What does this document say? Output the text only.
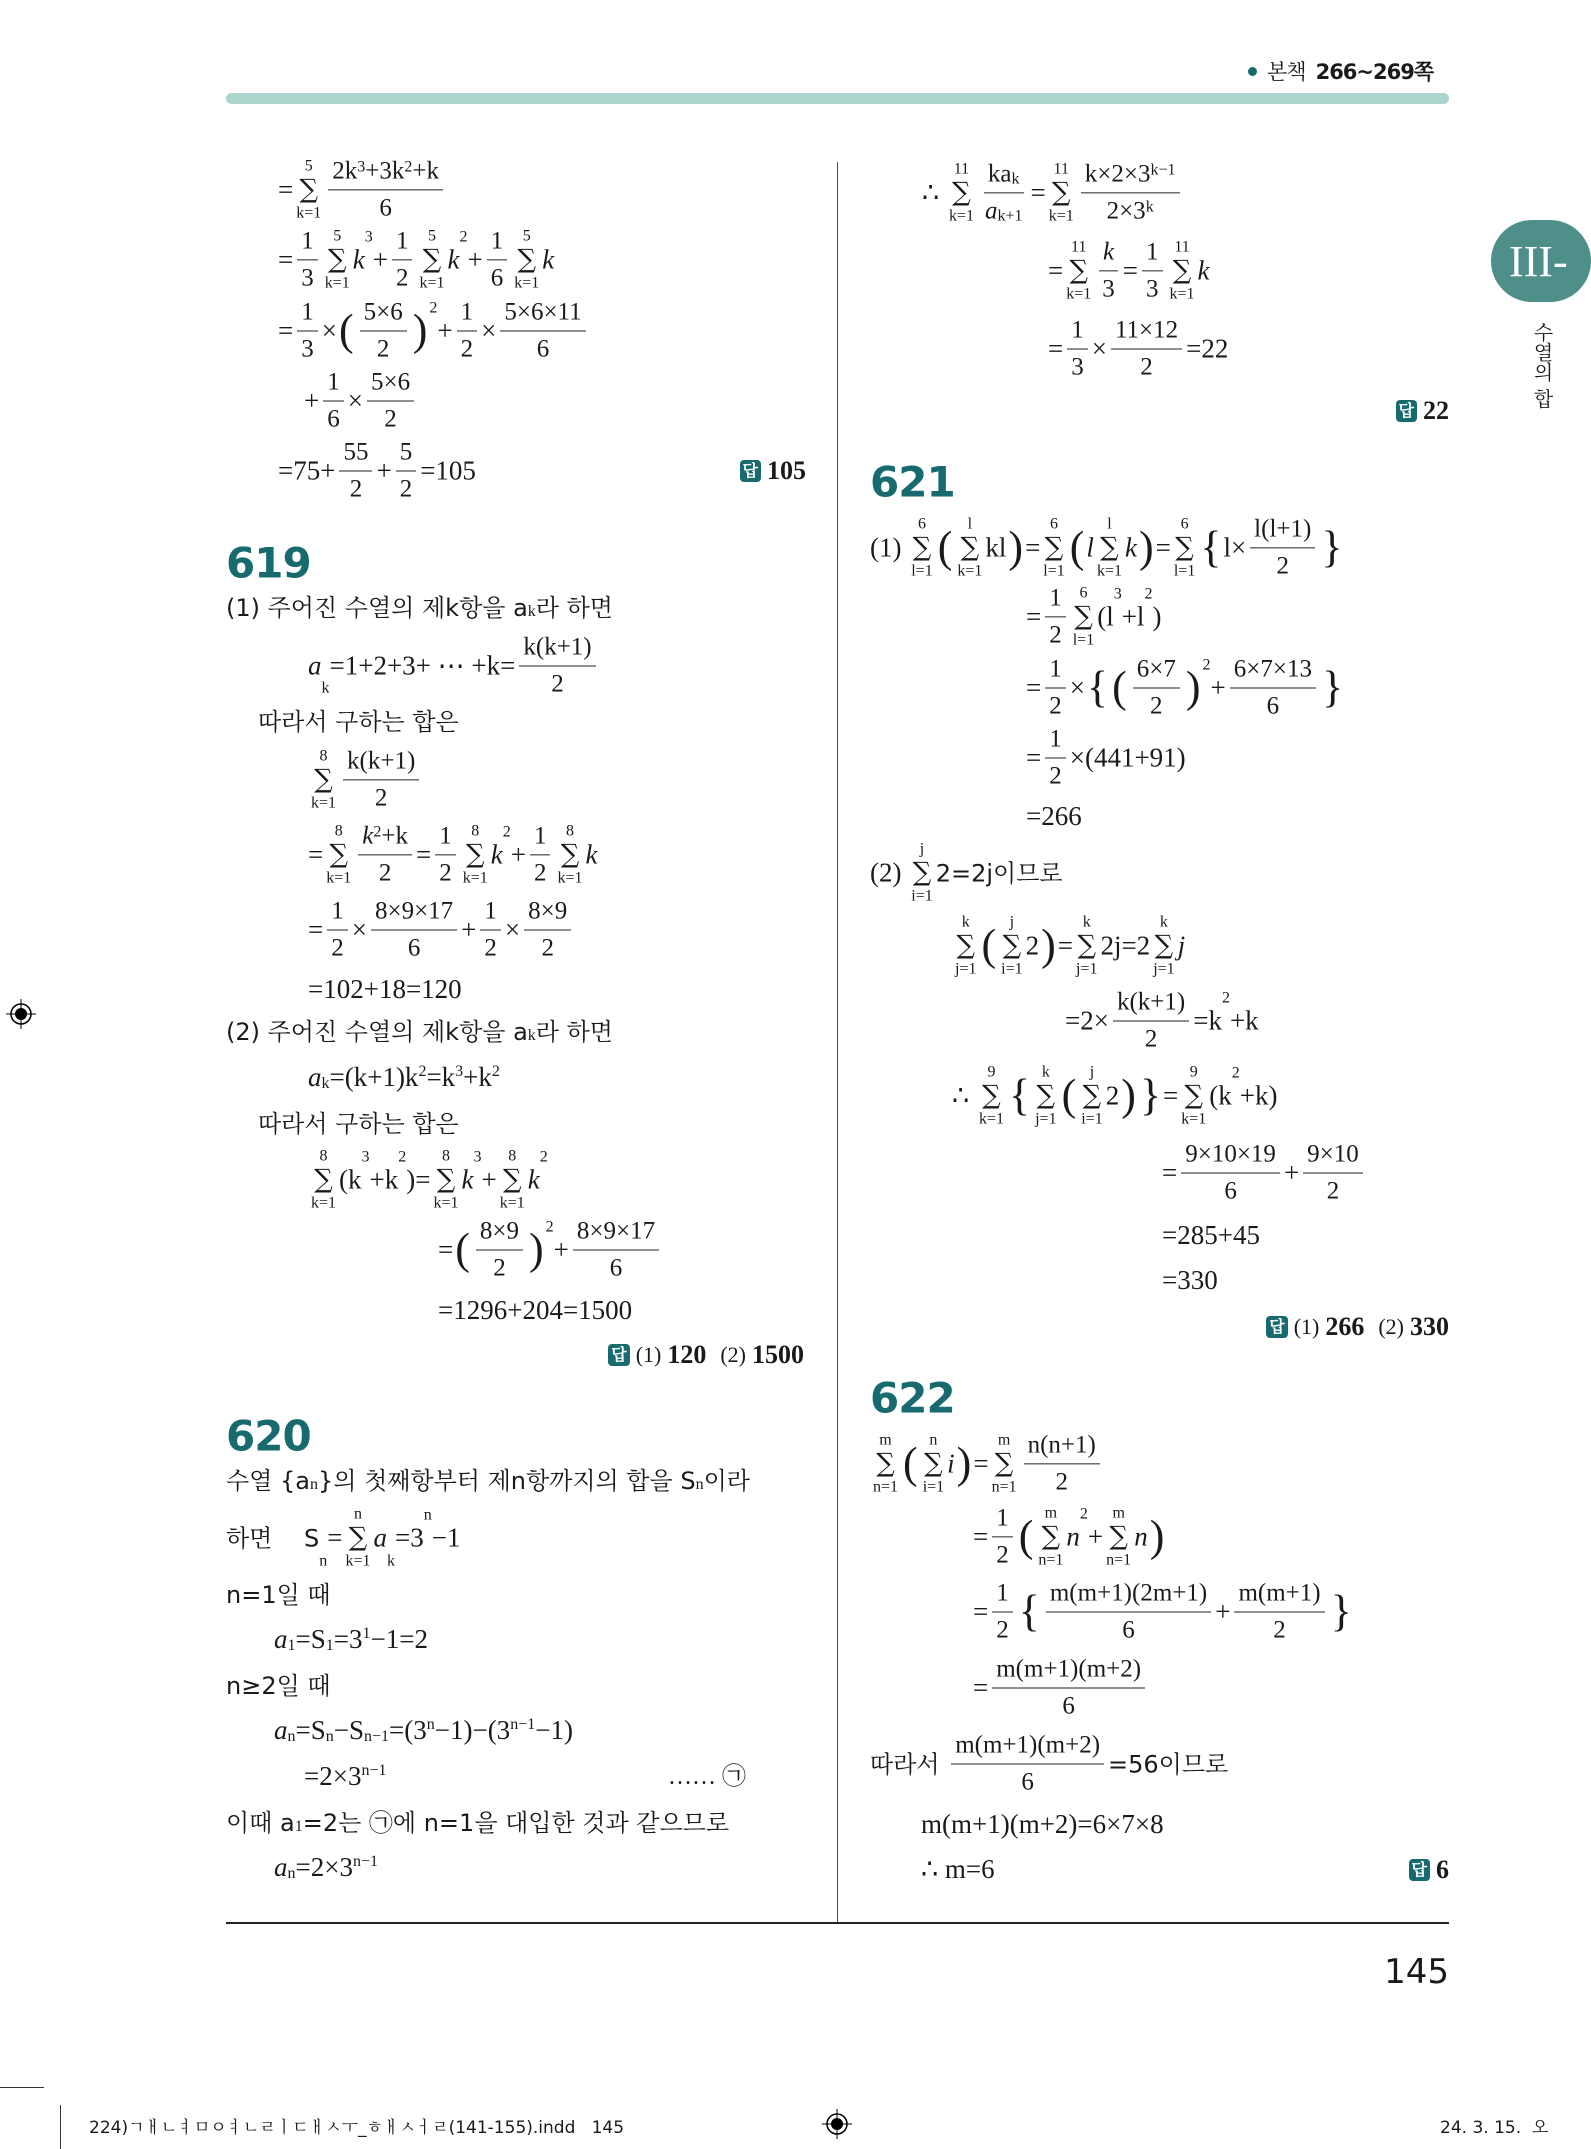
본책 266~269쪽
III-
수열의 합
=
5
∑
$k=1 \frac{2k 3 +3k 2 +k}{6}$
= $\frac{1}{3} 5$
∑
k=1
k
3
+ $\frac{1}{2} 5$
∑
k=1
k
2
+ $\frac{1}{6} 5$
∑
k=1
k
= $\frac{1}{3}$ × ( $\frac{5\times 6}{2}$ ) 2
+ $\frac{1}{2} \times \frac{5\times 6\times 11}{6}$
+ $\frac{1}{6} \times \frac{5\times 6}{2}$
$=75+ \frac{55}{2} + \frac{5}{2} =105$	답 105
619
(1) 주어진 수열의 제k항을 a k 라 하면
a
k
=1+2+3+ ⋯ $+k= \frac{k(k+1)}{2}$
따라서 구하는 합은
8
∑
$k=1 \frac{k(k+1)}{2}$
=
8
∑
$k=1 \frac{k 2 +k}{2} = \frac{1}{2} 8$
∑
k=1
k
2
+ $\frac{1}{2} 8$
∑
k=1
k
= $\frac{1}{2} \times \frac{8\times 9\times 17}{6} + \frac{1}{2} \times \frac{8\times 9}{2}$
=102+18=120
(2) 주어진 수열의 제k항을 a k 라 하면
a k =(k+1)k 2 =k 3 +k 2
따라서 구하는 합은
8
∑
k=1
(k
3
+k
2
)=
8
∑
k=1
k
3
+
8
∑
k=1
k
2
= ( $\frac{8\times 9}{2}$ ) 2
+ $\frac{8\times 9\times 17}{6}$
=1296+204=1500
답 (1) 120 (2) 1500
620
수열 {a n }의 첫째항부터 제n항까지의 합을 S n 이라
하면　 S
n
=
n
∑
k=1
a
k
=3
n
−1
n=1일 때
a 1 =S 1 =3 1 −1=2
n≥2일 때
a n =S n −S n−1 =(3 n −1)−(3 n−1 −1)
=2×3 n−1	…… ㉠
이때 a 1 =2는 ㉠에 n=1을 대입한 것과 같으므로
a n =2×3 n−1
∴
11
∑
$k=1 \frac{\text{ka k}}{\text{a k+1}}$ =
11
∑
$k=1 \frac{k\times 2\times 3 k-1}{2\times 3 k}$
=
11
∑
$k=1 \frac{k}{3} = \frac{1}{3} 11$
∑
k=1
k
= $\frac{1}{3} \times \frac{11\times 12}{2} =22$
답 22
621
(1)
6
∑
l=1 ( l
∑
k=1
kl ) =
6
∑
l=1 ( l
l
∑
k=1
k ) =
6
∑
l=1 { $l\times \frac{l(l+1)}{2}$ }
= $\frac{1}{2} 6$
∑
l=1
(l
3
+l
2
)
= $\frac{1}{2}$ × { ( $\frac{6\times 7}{2}$ ) 2
+ $\frac{6\times 7\times 13}{6}$ }
= $\frac{1}{2} \times(441+91)$
=266
(2)
j
∑
i=1
2=2j이므로
k
∑
j=1 ( j
∑
i=1
2 ) =
k
∑
j=1
2j=2
k
∑
j=1
j
$=2\times \frac{k(k+1)}{2} =k$
2
+k
∴
9
∑
k=1 { k
∑
j=1 ( j
∑
i=1
2 ) } =
9
∑
k=1
(k
2
+k)
= $\frac{9\times 10\times 19}{6} + \frac{9\times 10}{2}$
=285+45
=330
답 (1) 266 (2) 330
622
m
∑
n=1 ( n
∑
i=1
i ) =
m
∑
$n=1 \frac{n(n+1)}{2}$
= $\frac{1}{2}$ ( m
∑
n=1
n
2
+
m
∑
n=1
n )
= $\frac{1}{2}$ { $\frac{m(m+1)(2m+1)}{6} + \frac{m(m+1)}{2}$ }
= $\frac{m(m+1)(m+2)}{6}$
따라서 $\frac{m(m+1)(m+2)}{6} =56$이므로
m(m+1)(m+2)=6×7×8
∴ m=6	답 6
145
224)ㄱㅐㄴㅕㅁㅇㅕㄴㄹㅣㄷㅐㅅㅜ_ㅎㅐㅅㅓㄹ(141-155).indd   145	24. 3. 15.  오
